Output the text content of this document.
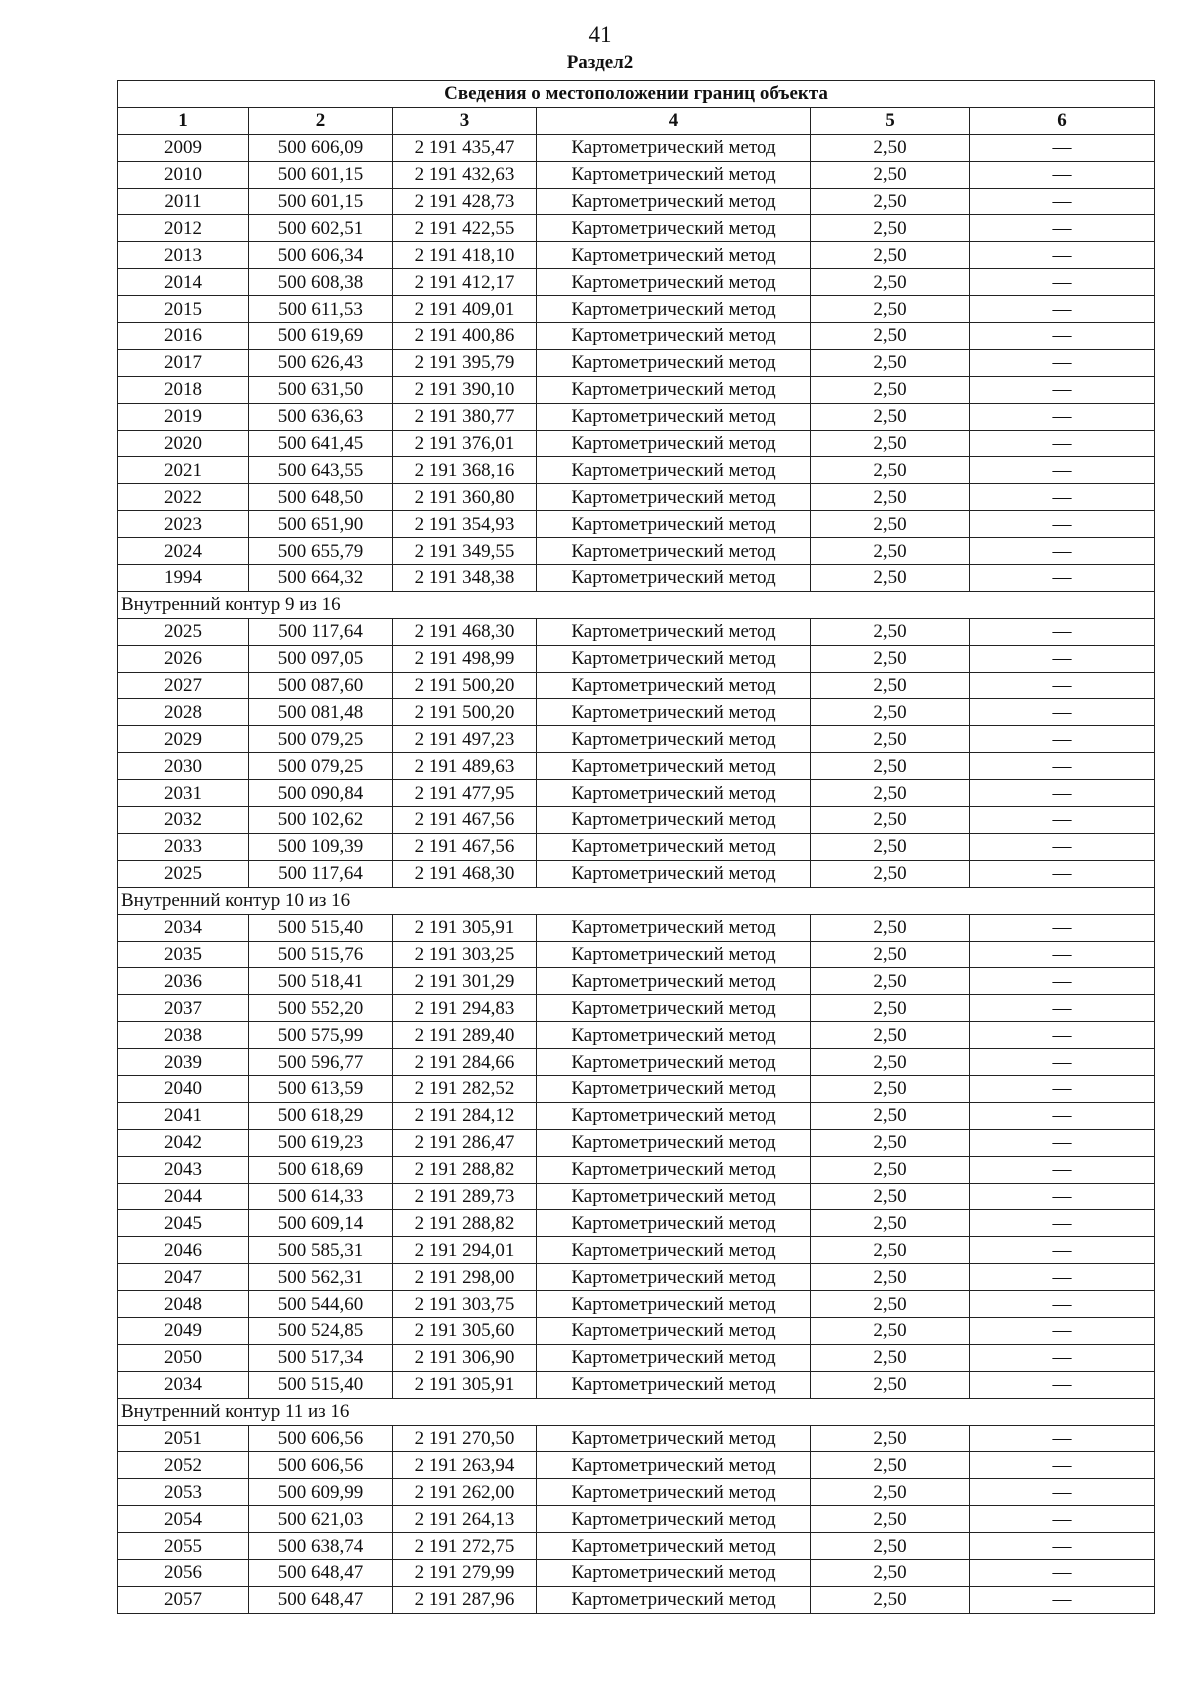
41
Раздел2
Сведения о местоположении границ объекта					
1	2	3	4	5	6
2009	500 606,09	2 191 435,47	Картометрический метод	2,50	—
2010	500 601,15	2 191 432,63	Картометрический метод	2,50	—
2011	500 601,15	2 191 428,73	Картометрический метод	2,50	—
2012	500 602,51	2 191 422,55	Картометрический метод	2,50	—
2013	500 606,34	2 191 418,10	Картометрический метод	2,50	—
2014	500 608,38	2 191 412,17	Картометрический метод	2,50	—
2015	500 611,53	2 191 409,01	Картометрический метод	2,50	—
2016	500 619,69	2 191 400,86	Картометрический метод	2,50	—
2017	500 626,43	2 191 395,79	Картометрический метод	2,50	—
2018	500 631,50	2 191 390,10	Картометрический метод	2,50	—
2019	500 636,63	2 191 380,77	Картометрический метод	2,50	—
2020	500 641,45	2 191 376,01	Картометрический метод	2,50	—
2021	500 643,55	2 191 368,16	Картометрический метод	2,50	—
2022	500 648,50	2 191 360,80	Картометрический метод	2,50	—
2023	500 651,90	2 191 354,93	Картометрический метод	2,50	—
2024	500 655,79	2 191 349,55	Картометрический метод	2,50	—
1994	500 664,32	2 191 348,38	Картометрический метод	2,50	—
Внутренний контур 9 из 16					
2025	500 117,64	2 191 468,30	Картометрический метод	2,50	—
2026	500 097,05	2 191 498,99	Картометрический метод	2,50	—
2027	500 087,60	2 191 500,20	Картометрический метод	2,50	—
2028	500 081,48	2 191 500,20	Картометрический метод	2,50	—
2029	500 079,25	2 191 497,23	Картометрический метод	2,50	—
2030	500 079,25	2 191 489,63	Картометрический метод	2,50	—
2031	500 090,84	2 191 477,95	Картометрический метод	2,50	—
2032	500 102,62	2 191 467,56	Картометрический метод	2,50	—
2033	500 109,39	2 191 467,56	Картометрический метод	2,50	—
2025	500 117,64	2 191 468,30	Картометрический метод	2,50	—
Внутренний контур 10 из 16					
2034	500 515,40	2 191 305,91	Картометрический метод	2,50	—
2035	500 515,76	2 191 303,25	Картометрический метод	2,50	—
2036	500 518,41	2 191 301,29	Картометрический метод	2,50	—
2037	500 552,20	2 191 294,83	Картометрический метод	2,50	—
2038	500 575,99	2 191 289,40	Картометрический метод	2,50	—
2039	500 596,77	2 191 284,66	Картометрический метод	2,50	—
2040	500 613,59	2 191 282,52	Картометрический метод	2,50	—
2041	500 618,29	2 191 284,12	Картометрический метод	2,50	—
2042	500 619,23	2 191 286,47	Картометрический метод	2,50	—
2043	500 618,69	2 191 288,82	Картометрический метод	2,50	—
2044	500 614,33	2 191 289,73	Картометрический метод	2,50	—
2045	500 609,14	2 191 288,82	Картометрический метод	2,50	—
2046	500 585,31	2 191 294,01	Картометрический метод	2,50	—
2047	500 562,31	2 191 298,00	Картометрический метод	2,50	—
2048	500 544,60	2 191 303,75	Картометрический метод	2,50	—
2049	500 524,85	2 191 305,60	Картометрический метод	2,50	—
2050	500 517,34	2 191 306,90	Картометрический метод	2,50	—
2034	500 515,40	2 191 305,91	Картометрический метод	2,50	—
Внутренний контур 11 из 16					
2051	500 606,56	2 191 270,50	Картометрический метод	2,50	—
2052	500 606,56	2 191 263,94	Картометрический метод	2,50	—
2053	500 609,99	2 191 262,00	Картометрический метод	2,50	—
2054	500 621,03	2 191 264,13	Картометрический метод	2,50	—
2055	500 638,74	2 191 272,75	Картометрический метод	2,50	—
2056	500 648,47	2 191 279,99	Картометрический метод	2,50	—
2057	500 648,47	2 191 287,96	Картометрический метод	2,50	—
